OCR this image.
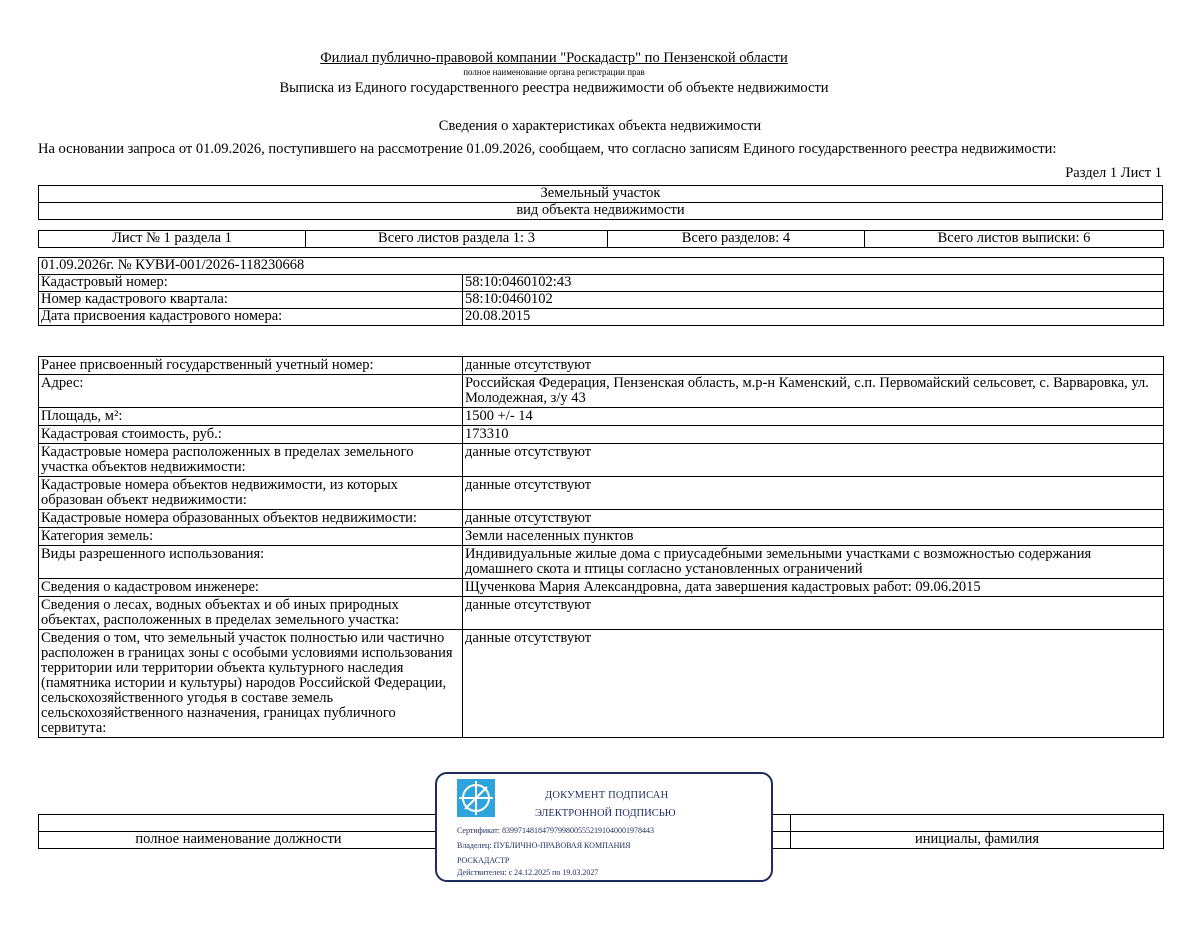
Филиал публично-правовой компании "Роскадастр" по Пензенской области
полное наименование органа регистрации прав
Выписка из Единого государственного реестра недвижимости об объекте недвижимости
Сведения о характеристиках объекта недвижимости
На основании запроса от 01.09.2026, поступившего на рассмотрение 01.09.2026, сообщаем, что согласно записям Единого государственного реестра недвижимости:
Раздел 1 Лист 1
Земельный участок
вид объекта недвижимости
Лист № 1 раздела 1	Всего листов раздела 1: 3	Всего разделов: 4	Всего листов выписки: 6
01.09.2026г. № КУВИ-001/2026-118230668	
Кадастровый номер:	58:10:0460102:43
Номер кадастрового квартала:	58:10:0460102
Дата присвоения кадастрового номера:	20.08.2015
Ранее присвоенный государственный учетный номер:	данные отсутствуют
Адрес:	Российская Федерация, Пензенская область, м.р-н Каменский, с.п. Первомайский сельсовет, с. Варваровка, ул. Молодежная, з/у 43
Площадь, м²:	1500 +/- 14
Кадастровая стоимость, руб.:	173310
Кадастровые номера расположенных в пределах земельного участка объектов недвижимости:	данные отсутствуют
Кадастровые номера объектов недвижимости, из которых образован объект недвижимости:	данные отсутствуют
Кадастровые номера образованных объектов недвижимости:	данные отсутствуют
Категория земель:	Земли населенных пунктов
Виды разрешенного использования:	Индивидуальные жилые дома с приусадебными земельными участками с возможностью содержания домашнего скота и птицы согласно установленных ограничений
Сведения о кадастровом инженере:	Щученкова Мария Александровна, дата завершения кадастровых работ: 09.06.2015
Сведения о лесах, водных объектах и об иных природных объектах, расположенных в пределах земельного участка:	данные отсутствуют
Сведения о том, что земельный участок полностью или частично расположен в границах зоны с особыми условиями использования территории или территории объекта культурного наследия (памятника истории и культуры) народов Российской Федерации, сельскохозяйственного угодья в составе земель сельскохозяйственного назначения, границах публичного сервитута:	данные отсутствуют

полное наименование должности		инициалы, фамилия
ДОКУМЕНТ ПОДПИСАН
ЭЛЕКТРОННОЙ ПОДПИСЬЮ
Сертификат: 839971481847979980055521910400019784​43
Владелец: ПУБЛИЧНО-ПРАВОВАЯ КОМПАНИЯ
РОСКАДАСТР
Действителен: с 24.12.2025 по 19.03.2027
